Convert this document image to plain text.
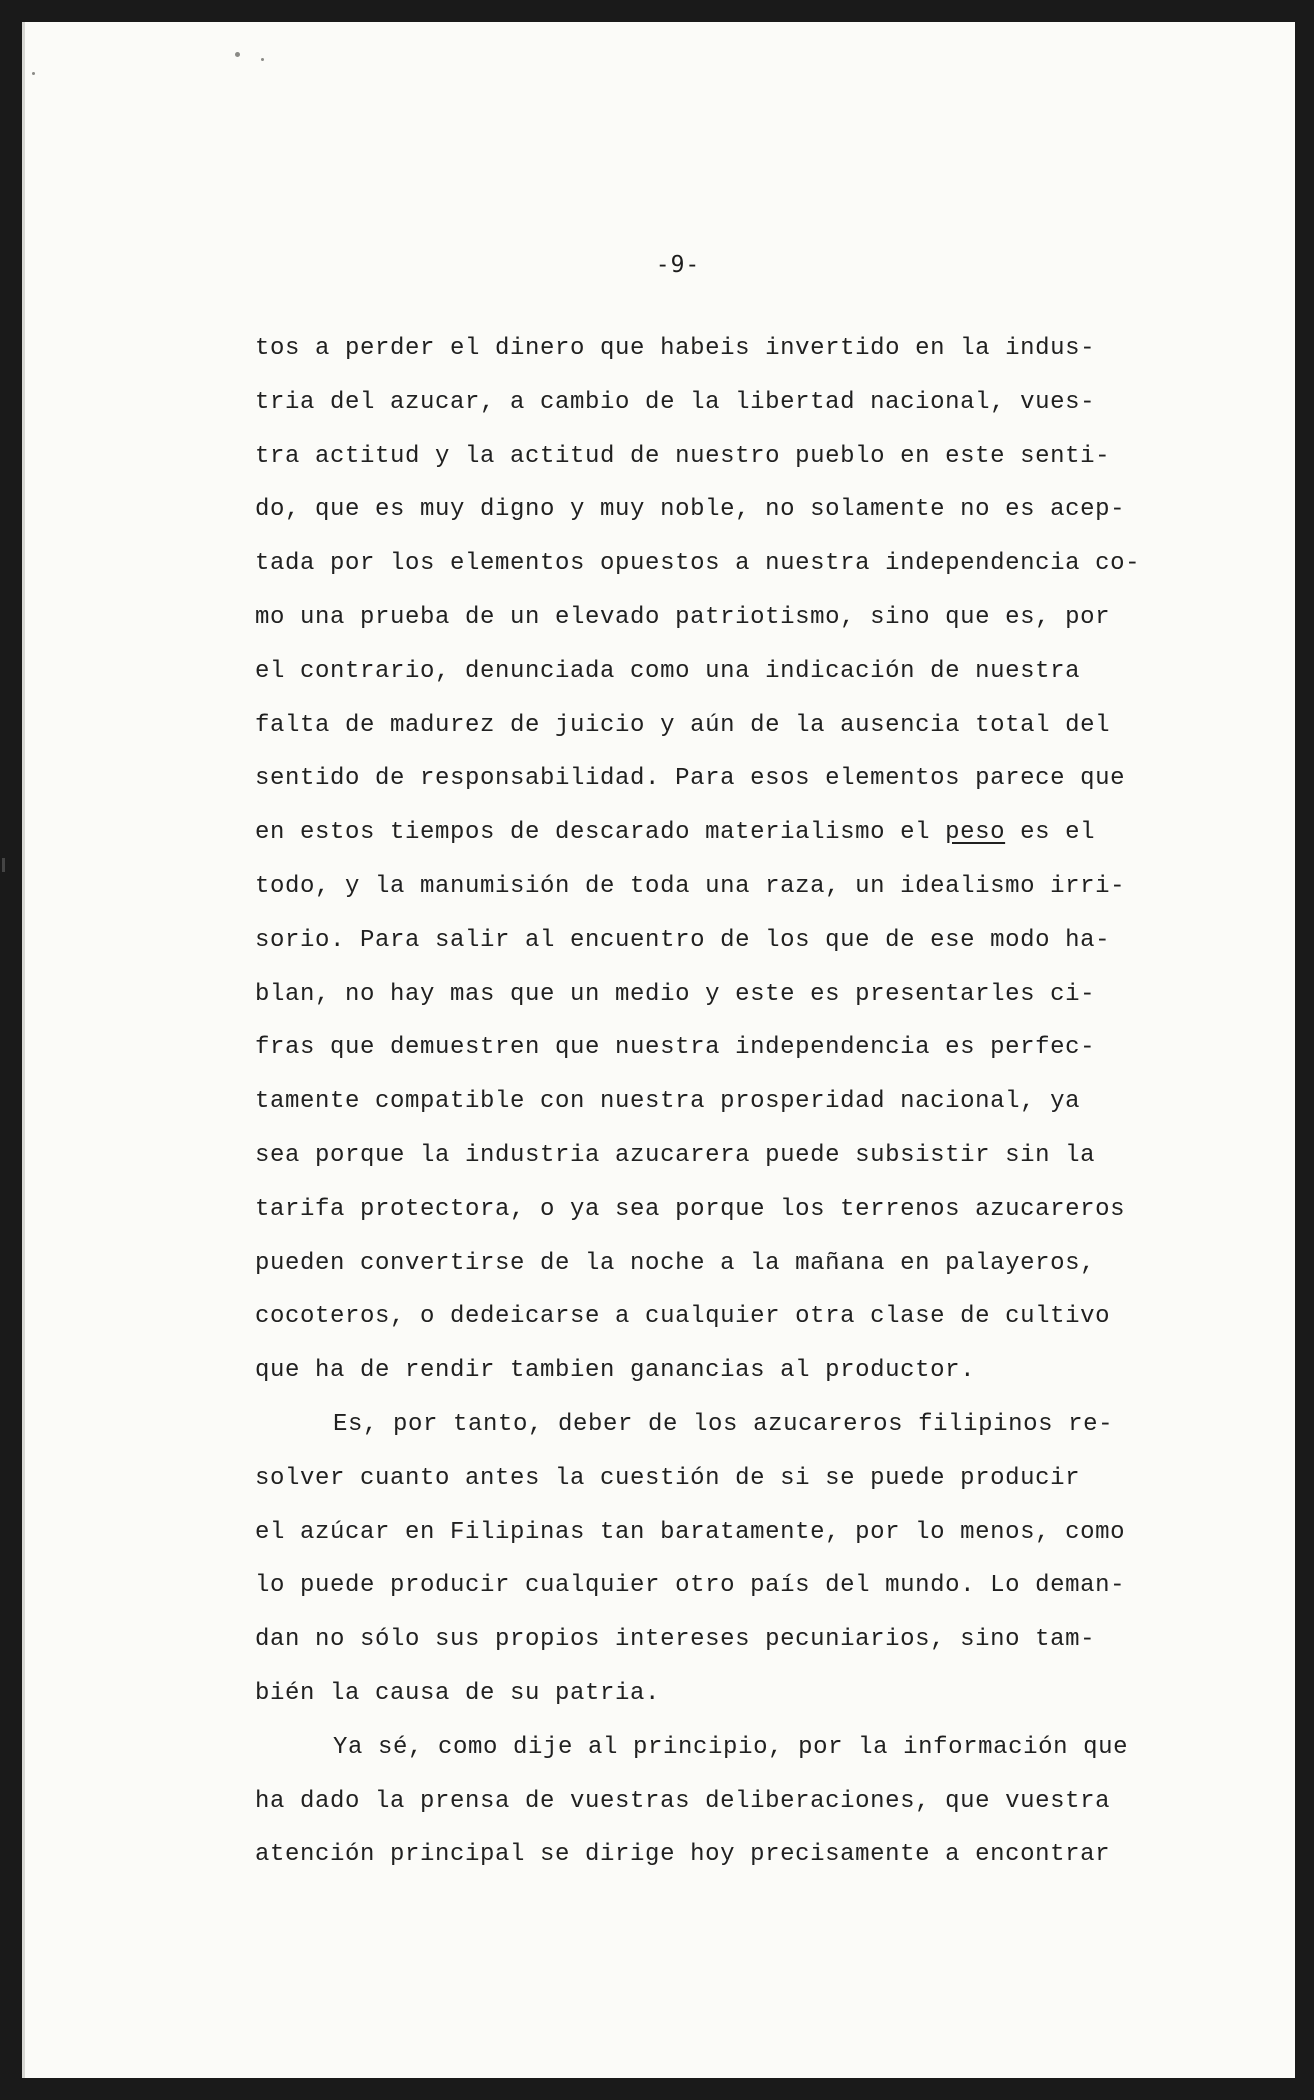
-9-
tos a perder el dinero que habeis invertido en la indus-
tria del azucar, a cambio de la libertad nacional, vues-
tra actitud y la actitud de nuestro pueblo en este senti-
do, que es muy digno y muy noble, no solamente no es acep-
tada por los elementos opuestos a nuestra independencia co-
mo una prueba de un elevado patriotismo, sino que es, por
el contrario, denunciada como una indicación de nuestra
falta de madurez de juicio y aún de la ausencia total del
sentido de responsabilidad. Para esos elementos parece que
en estos tiempos de descarado materialismo el peso es el
todo, y la manumisión de toda una raza, un idealismo irri-
sorio. Para salir al encuentro de los que de ese modo ha-
blan, no hay mas que un medio y este es presentarles ci-
fras que demuestren que nuestra independencia es perfec-
tamente compatible con nuestra prosperidad nacional, ya
sea porque la industria azucarera puede subsistir sin la
tarifa protectora, o ya sea porque los terrenos azucareros
pueden convertirse de la noche a la mañana en palayeros,
cocoteros, o dedeicarse a cualquier otra clase de cultivo
que ha de rendir tambien ganancias al productor.
Es, por tanto, deber de los azucareros filipinos re-
solver cuanto antes la cuestión de si se puede producir
el azúcar en Filipinas tan baratamente, por lo menos, como
lo puede producir cualquier otro país del mundo. Lo deman-
dan no sólo sus propios intereses pecuniarios, sino tam-
bién la causa de su patria.
Ya sé, como dije al principio, por la información que
ha dado la prensa de vuestras deliberaciones, que vuestra
atención principal se dirige hoy precisamente a encontrar
